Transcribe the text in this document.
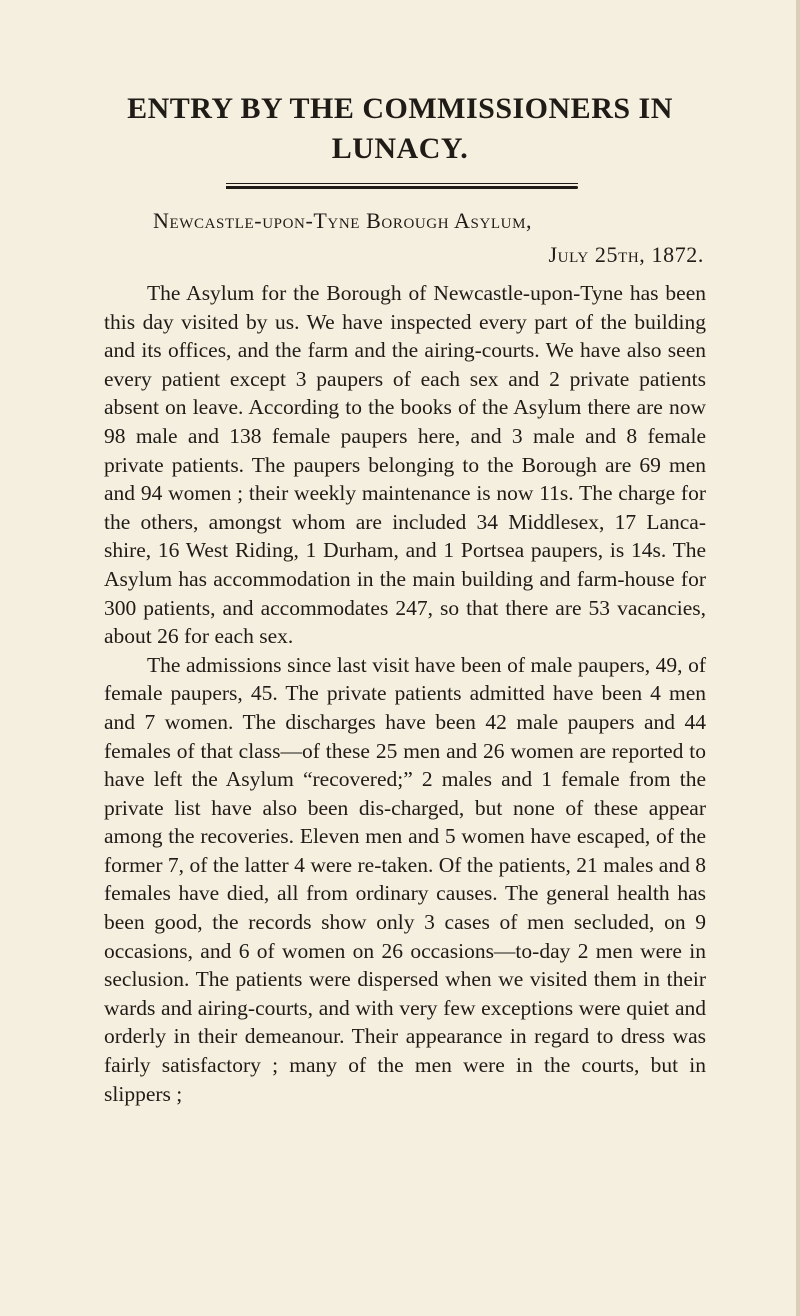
ENTRY BY THE COMMISSIONERS IN
LUNACY.
Newcastle-upon-Tyne Borough Asylum,
July 25th, 1872.

The Asylum for the Borough of Newcastle-upon-Tyne has been this day visited by us. We have inspected every part of the building and its offices, and the farm and the airing-courts. We have also seen every patient except 3 paupers of each sex and 2 private patients absent on leave. According to the books of the Asylum there are now 98 male and 138 female paupers here, and 3 male and 8 female private patients. The paupers belonging to the Borough are 69 men and 94 women ; their weekly maintenance is now 11s. The charge for the others, amongst whom are included 34 Middlesex, 17 Lanca-shire, 16 West Riding, 1 Durham, and 1 Portsea paupers, is 14s. The Asylum has accommodation in the main building and farm-house for 300 patients, and accommodates 247, so that there are 53 vacancies, about 26 for each sex.

The admissions since last visit have been of male paupers, 49, of female paupers, 45. The private patients admitted have been 4 men and 7 women. The discharges have been 42 male paupers and 44 females of that class—of these 25 men and 26 women are reported to have left the Asylum “recovered;” 2 males and 1 female from the private list have also been dis-charged, but none of these appear among the recoveries. Eleven men and 5 women have escaped, of the former 7, of the latter 4 were re-taken. Of the patients, 21 males and 8 females have died, all from ordinary causes. The general health has been good, the records show only 3 cases of men secluded, on 9 occasions, and 6 of women on 26 occasions—to-day 2 men were in seclusion. The patients were dispersed when we visited them in their wards and airing-courts, and with very few exceptions were quiet and orderly in their demeanour. Their appearance in regard to dress was fairly satisfactory ; many of the men were in the courts, but in slippers ;
